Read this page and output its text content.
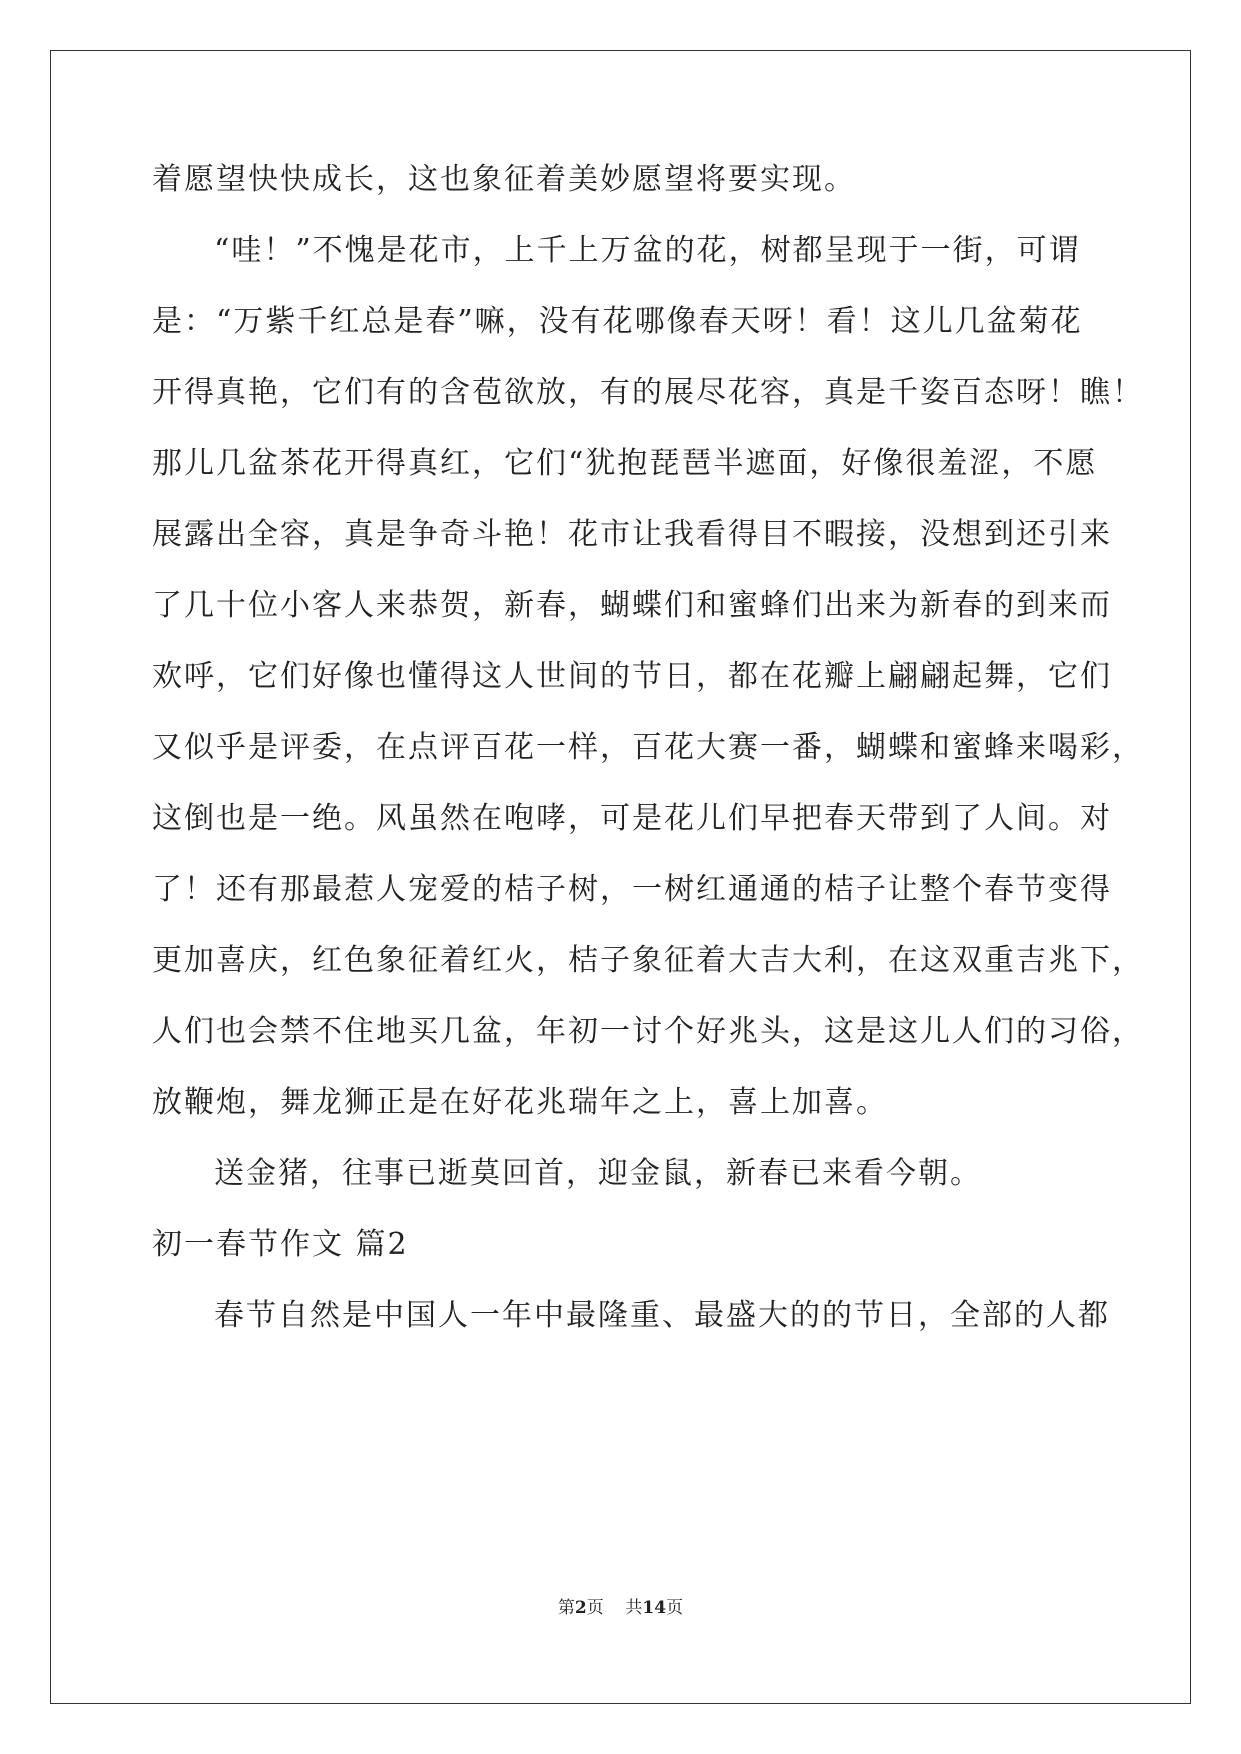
着愿望快快成长，这也象征着美妙愿望将要实现。
“哇！”不愧是花市，上千上万盆的花，树都呈现于一街，可谓
是：“万紫千红总是春”嘛，没有花哪像春天呀！看！这儿几盆菊花
开得真艳，它们有的含苞欲放，有的展尽花容，真是千姿百态呀！瞧！
那儿几盆茶花开得真红，它们“犹抱琵琶半遮面，好像很羞涩，不愿
展露出全容，真是争奇斗艳！花市让我看得目不暇接，没想到还引来
了几十位小客人来恭贺，新春，蝴蝶们和蜜蜂们出来为新春的到来而
欢呼，它们好像也懂得这人世间的节日，都在花瓣上翩翩起舞，它们
又似乎是评委，在点评百花一样，百花大赛一番，蝴蝶和蜜蜂来喝彩，
这倒也是一绝。风虽然在咆哮，可是花儿们早把春天带到了人间。对
了！还有那最惹人宠爱的桔子树，一树红通通的桔子让整个春节变得
更加喜庆，红色象征着红火，桔子象征着大吉大利，在这双重吉兆下，
人们也会禁不住地买几盆，年初一讨个好兆头，这是这儿人们的习俗，
放鞭炮，舞龙狮正是在好花兆瑞年之上，喜上加喜。
送金猪，往事已逝莫回首，迎金鼠，新春已来看今朝。
初一春节作文 篇2
春节自然是中国人一年中最隆重、最盛大的的节日，全部的人都
第2页 共14页
